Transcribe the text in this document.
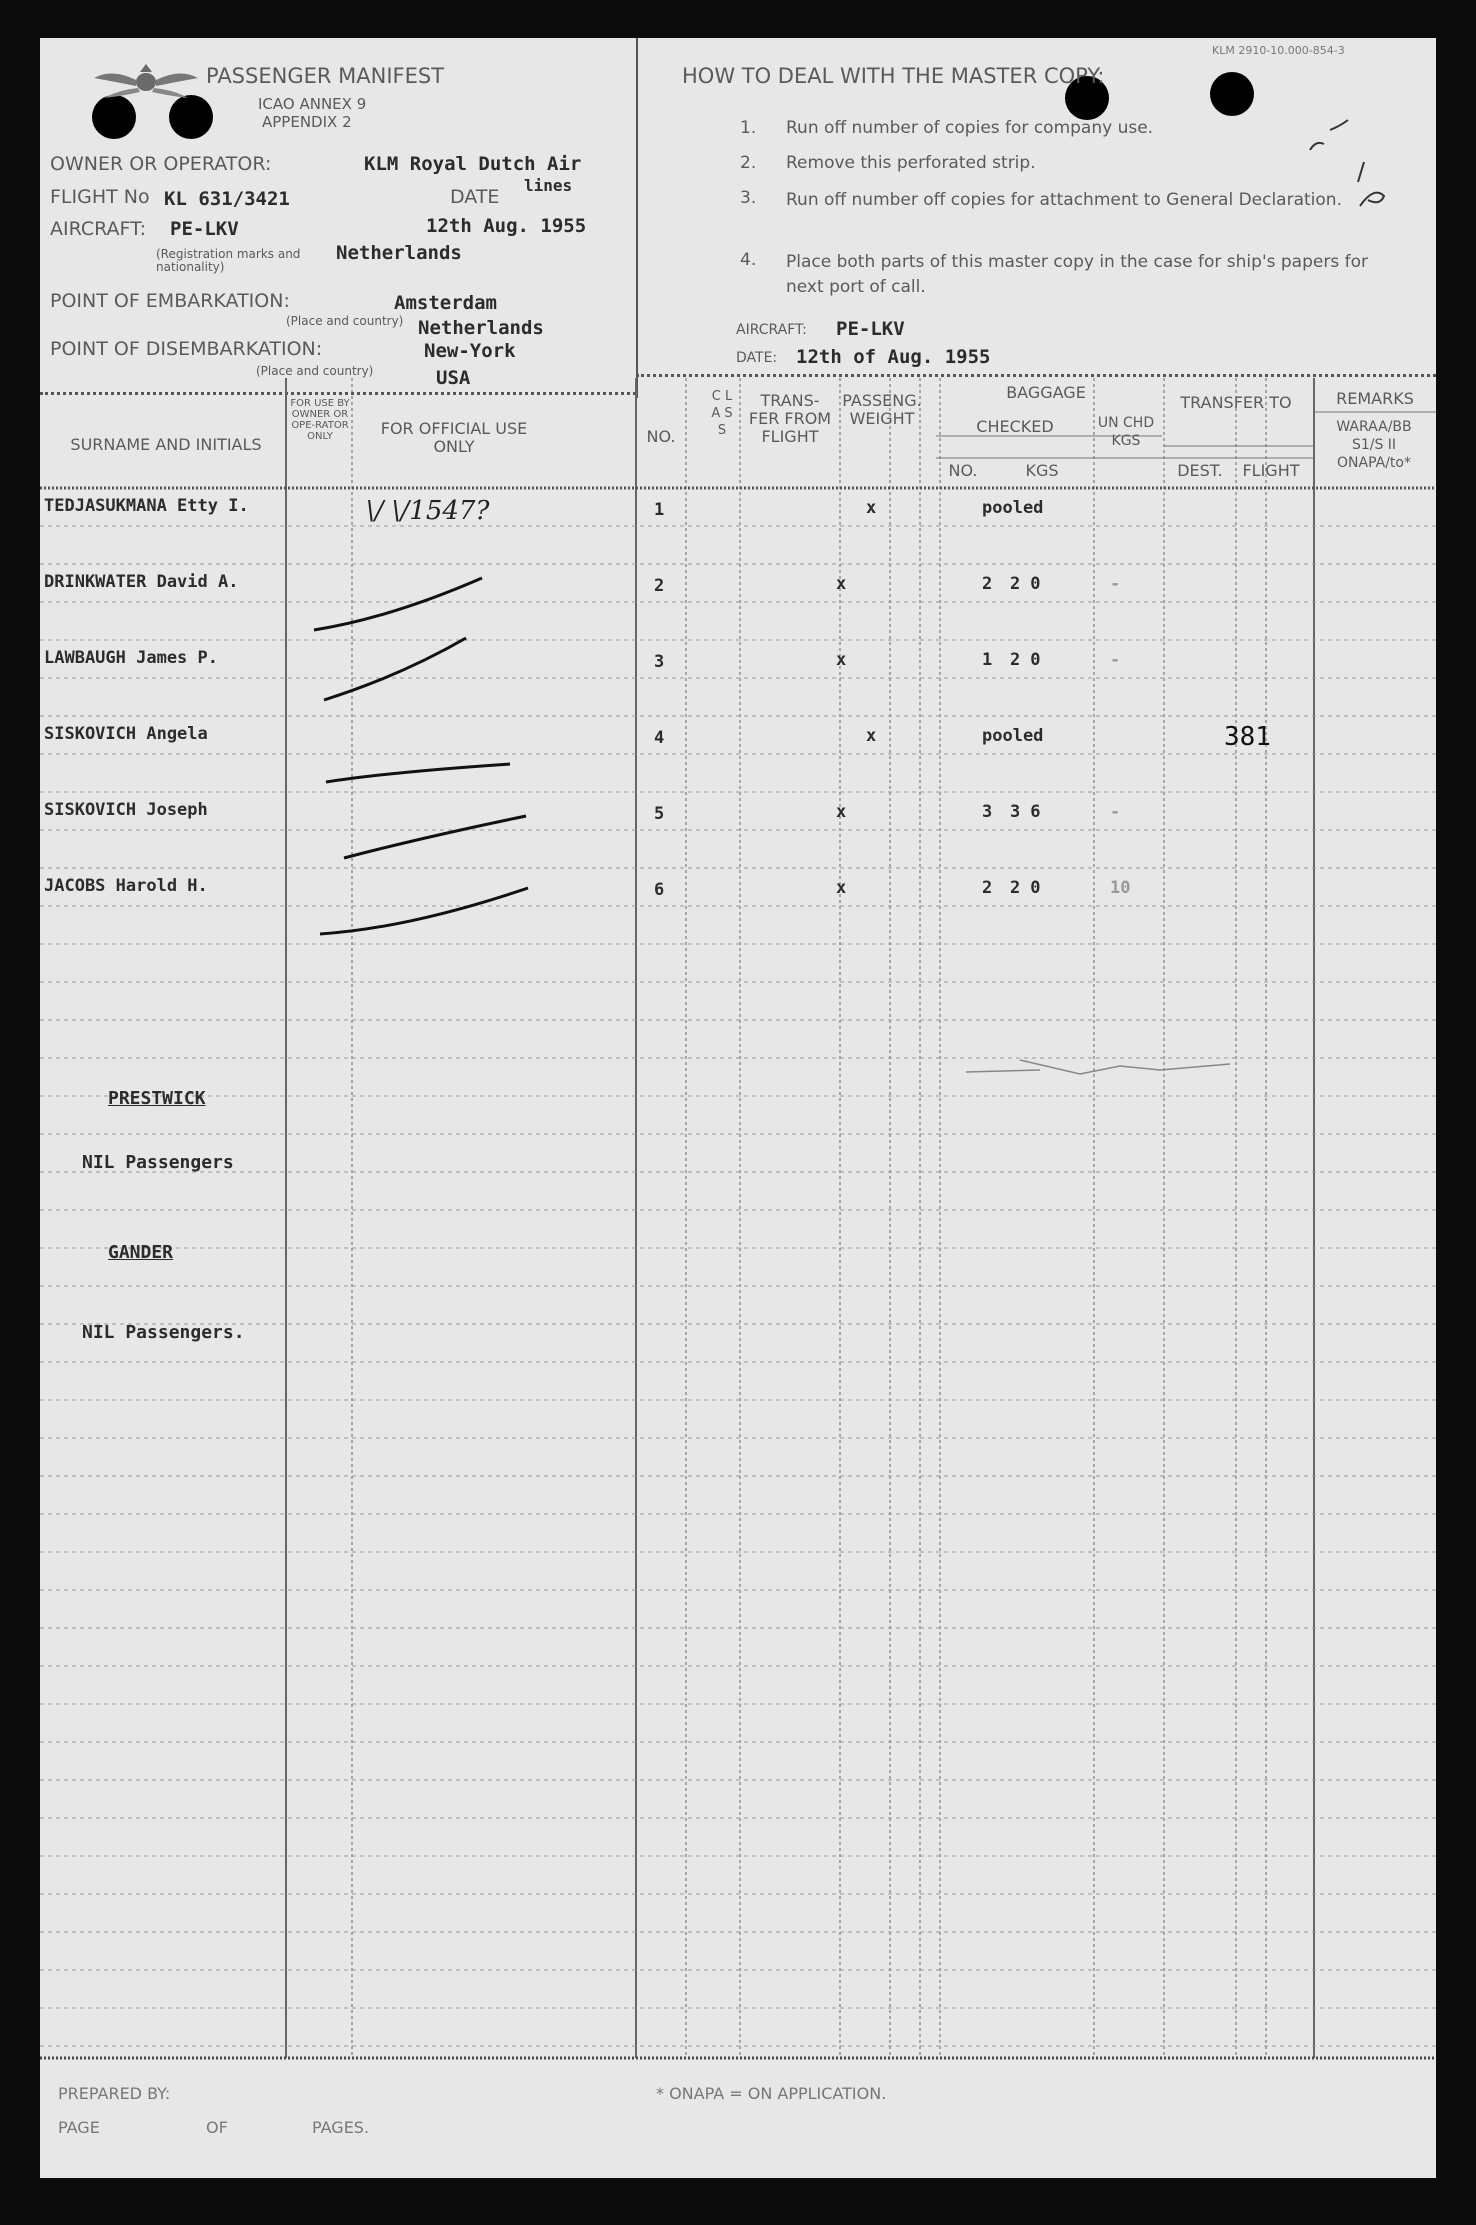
KLM 2910-10.000-854-3
PASSENGER MANIFEST
ICAO ANNEX 9
APPENDIX 2
OWNER OR OPERATOR:	KLM Royal Dutch Air
lines
FLIGHT No KL 631/3421	DATE
AIRCRAFT: PE-LKV	12th Aug. 1955
(Registration marks and nationality)
Netherlands
POINT OF EMBARKATION:	Amsterdam
(Place and country) Netherlands
POINT OF DISEMBARKATION:	New-York
(Place and country)	USA
HOW TO DEAL WITH THE MASTER COPY:
1. Run off number of copies for company use.
2. Remove this perforated strip.
3. Run off number off copies for attachment to General Declaration.
4. Place both parts of this master copy in the case for ship's papers for next port of call.
AIRCRAFT: PE-LKV
DATE: 12th of Aug. 1955
SURNAME AND INITIALS
FOR USE BY OWNER OR OPE-RATOR ONLY	FOR OFFICIAL USE ONLY
NO.
C L A S S
TRANS-FER FROM FLIGHT
PASSENG. WEIGHT
BAGGAGE
CHECKED
NO.	KGS
UN CHD KGS
TRANSFER TO
DEST.	FLIGHT
REMARKS
WARAA/BB S1/S II ONAPA/to*
TEDJASUKMANA Etty I.	1	x	pooled
DRINKWATER David A.	2	x	2 20	-
LAWBAUGH James P.	3	x	1 20	-
SISKOVICH Angela	4	x	pooled	381
SISKOVICH Joseph	5	x	3 36	-
JACOBS Harold H.	6	x	2 20	10
\/ \/1547?
PRESTWICK
NIL Passengers
GANDER
NIL Passengers.
PREPARED BY:
PAGE	OF	PAGES.
* ONAPA = ON APPLICATION.
